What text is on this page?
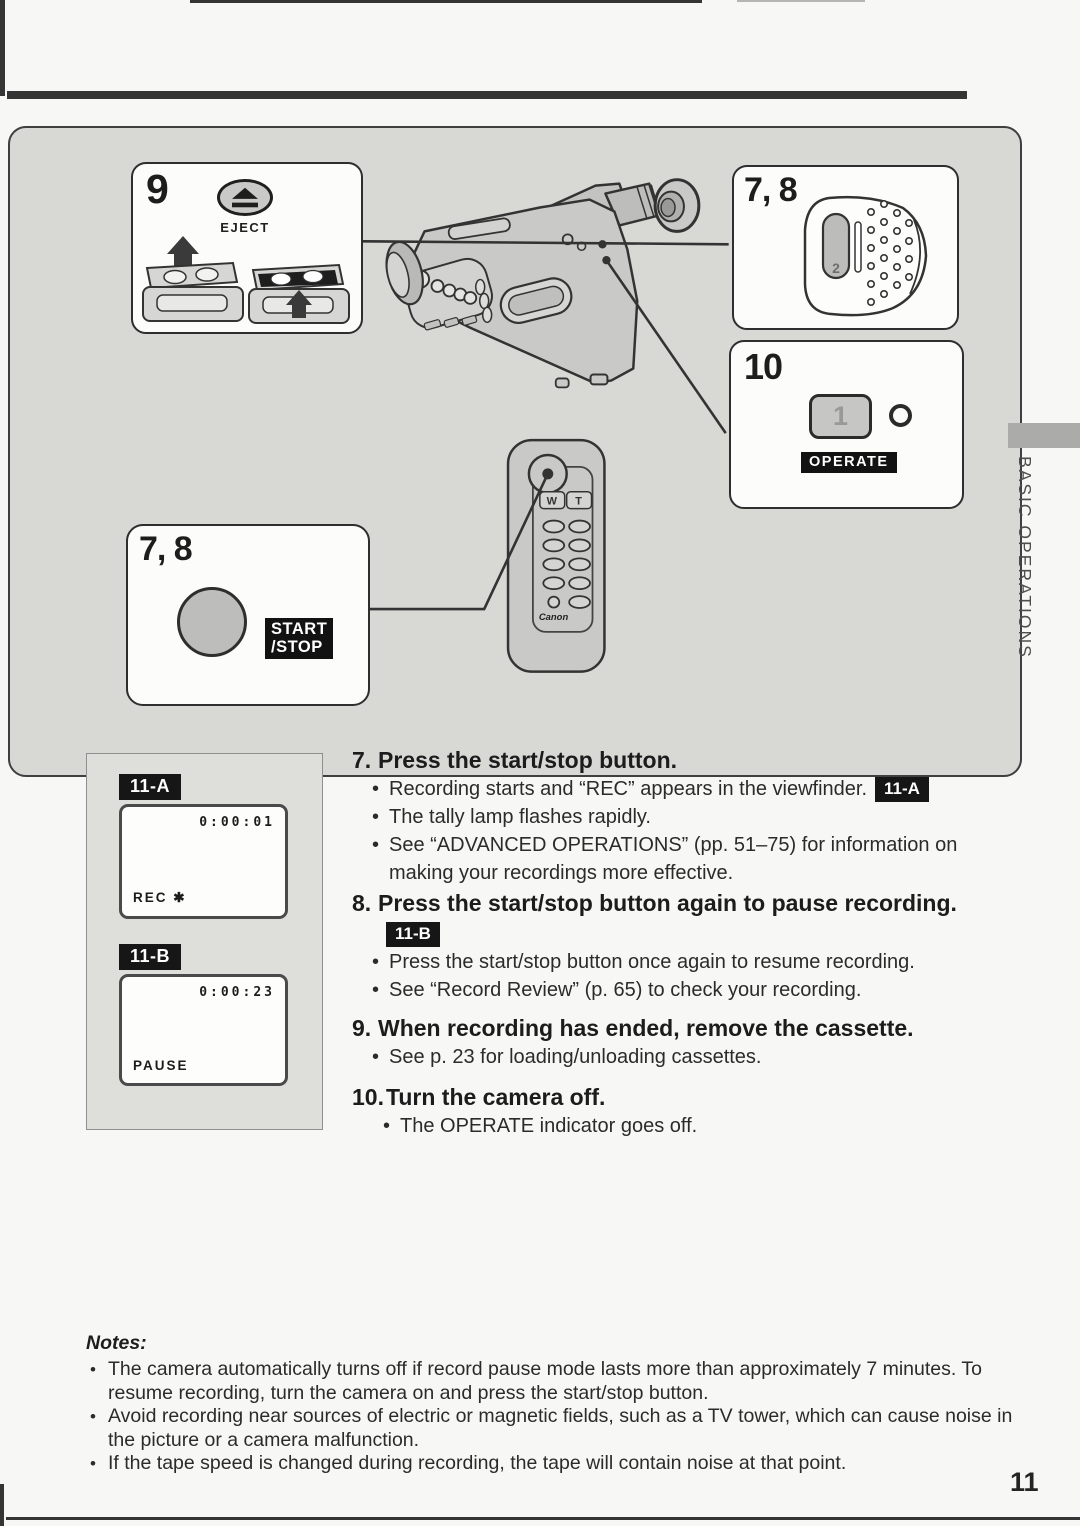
W T
Canon
9
EJECT
7, 8
2
10
1
OPERATE
7, 8
START
/STOP	BASIC OPERATIONS
11-A
0:00:01
REC ✱
11-B
0:00:23
PAUSE
7. Press the start/stop button.
• Recording starts and “REC” appears in the viewfinder. 11-A
• The tally lamp flashes rapidly.
• See “ADVANCED OPERATIONS” (pp. 51–75) for information on making your recordings more effective.
8. Press the start/stop button again to pause recording.11-B
• Press the start/stop button once again to resume recording.
• See “Record Review” (p. 65) to check your recording.
9. When recording has ended, remove the cassette.
• See p. 23 for loading/unloading cassettes.
10. Turn the camera off.
• The OPERATE indicator goes off.
Notes:
• The camera automatically turns off if record pause mode lasts more than approximately 7 minutes. To resume recording, turn the camera on and press the start/stop button.
• Avoid recording near sources of electric or magnetic fields, such as a TV tower, which can cause noise in the picture or a camera malfunction.
• If the tape speed is changed during recording, the tape will contain noise at that point.
11
